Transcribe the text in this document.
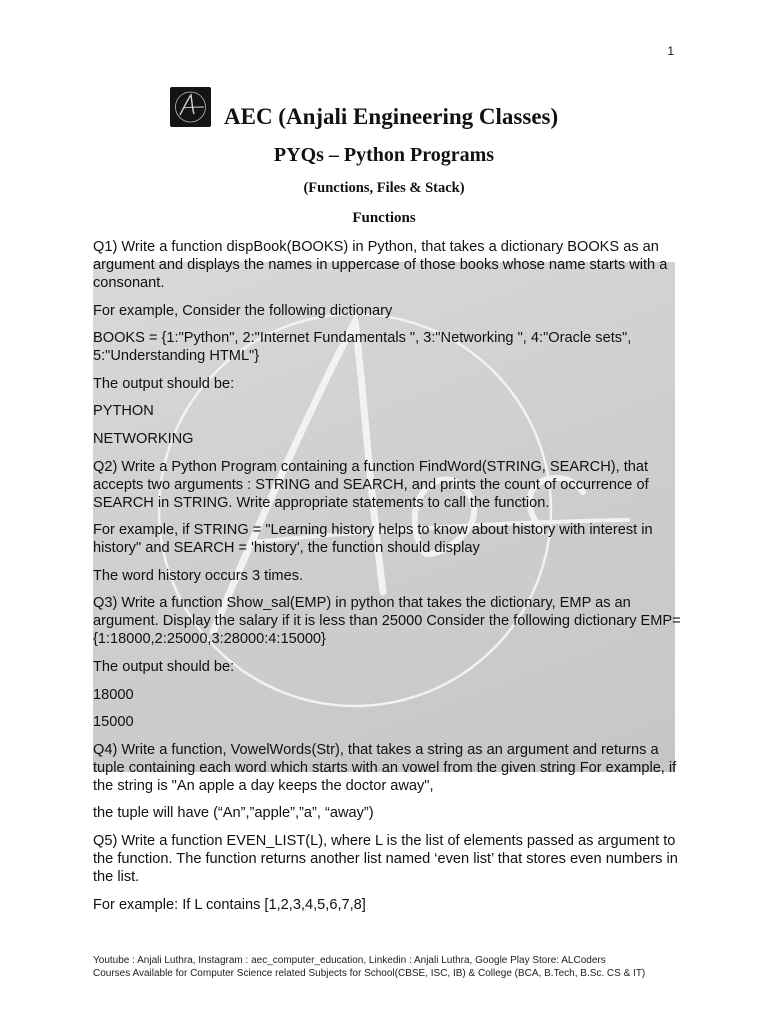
1
AEC (Anjali Engineering Classes)
PYQs – Python Programs
(Functions, Files & Stack)
Functions

Q1) Write a function dispBook(BOOKS) in Python, that takes a dictionary BOOKS as an argument and displays the names in uppercase of those books whose name starts with a consonant.

For example, Consider the following dictionary

BOOKS = {1:"Python", 2:"Internet Fundamentals ", 3:"Networking ", 4:"Oracle sets", 5:"Understanding HTML"}

The output should be:

PYTHON

NETWORKING

Q2) Write a Python Program containing a function FindWord(STRING, SEARCH), that accepts two arguments : STRING and SEARCH, and prints the count of occurrence of SEARCH in STRING. Write appropriate statements to call the function.

For example, if STRING = "Learning history helps to know about history with interest in history" and SEARCH = 'history', the function should display

The word history occurs 3 times.

Q3) Write a function Show_sal(EMP) in python that takes the dictionary, EMP as an argument. Display the salary if it is less than 25000 Consider the following dictionary EMP={1:18000,2:25000,3:28000:4:15000}

The output should be:

18000

15000

Q4) Write a function, VowelWords(Str), that takes a string as an argument and returns a tuple containing each word which starts with an vowel from the given string For example, if the string is "An apple a day keeps the doctor away",

the tuple will have (“An”,”apple”,”a”, “away”)

Q5) Write a function EVEN_LIST(L), where L is the list of elements passed as argument to the function. The function returns another list named ‘even list’ that stores even numbers in the list.

For example: If L contains [1,2,3,4,5,6,7,8]

Youtube : Anjali Luthra, Instagram : aec_computer_education, Linkedin : Anjali Luthra, Google Play Store: ALCoders
Courses Available for Computer Science related Subjects for School(CBSE, ISC, IB) & College (BCA, B.Tech, B.Sc. CS & IT)
